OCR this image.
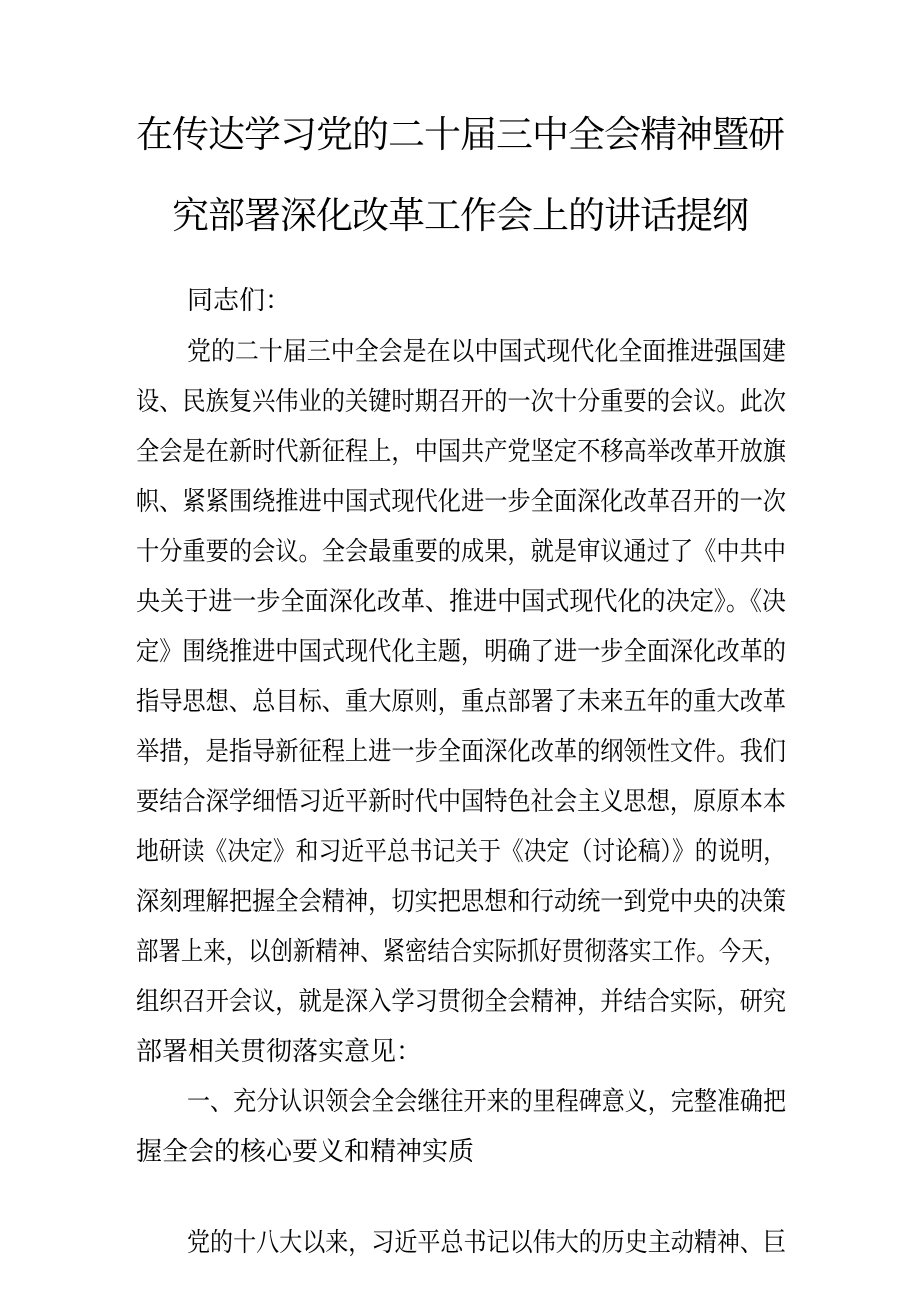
在传达学习党的二十届三中全会精神暨研
究部署深化改革工作会上的讲话提纲

同志们：

党的二十届三中全会是在以中国式现代化全面推进强国建

设、民族复兴伟业的关键时期召开的一次十分重要的会议。此次

全会是在新时代新征程上，中国共产党坚定不移高举改革开放旗

帜、紧紧围绕推进中国式现代化进一步全面深化改革召开的一次

十分重要的会议。全会最重要的成果，就是审议通过了《中共中

央关于进一步全面深化改革、推进中国式现代化的决定》。《决

定》围绕推进中国式现代化主题，明确了进一步全面深化改革的

指导思想、总目标、重大原则，重点部署了未来五年的重大改革

举措，是指导新征程上进一步全面深化改革的纲领性文件。我们

要结合深学细悟习近平新时代中国特色社会主义思想，原原本本

地研读《决定》和习近平总书记关于《决定（讨论稿）》的说明，

深刻理解把握全会精神，切实把思想和行动统一到党中央的决策

部署上来，以创新精神、紧密结合实际抓好贯彻落实工作。今天，

组织召开会议，就是深入学习贯彻全会精神，并结合实际，研究

部署相关贯彻落实意见：

一、充分认识领会全会继往开来的里程碑意义，完整准确把

握全会的核心要义和精神实质

党的十八大以来，习近平总书记以伟大的历史主动精神、巨
